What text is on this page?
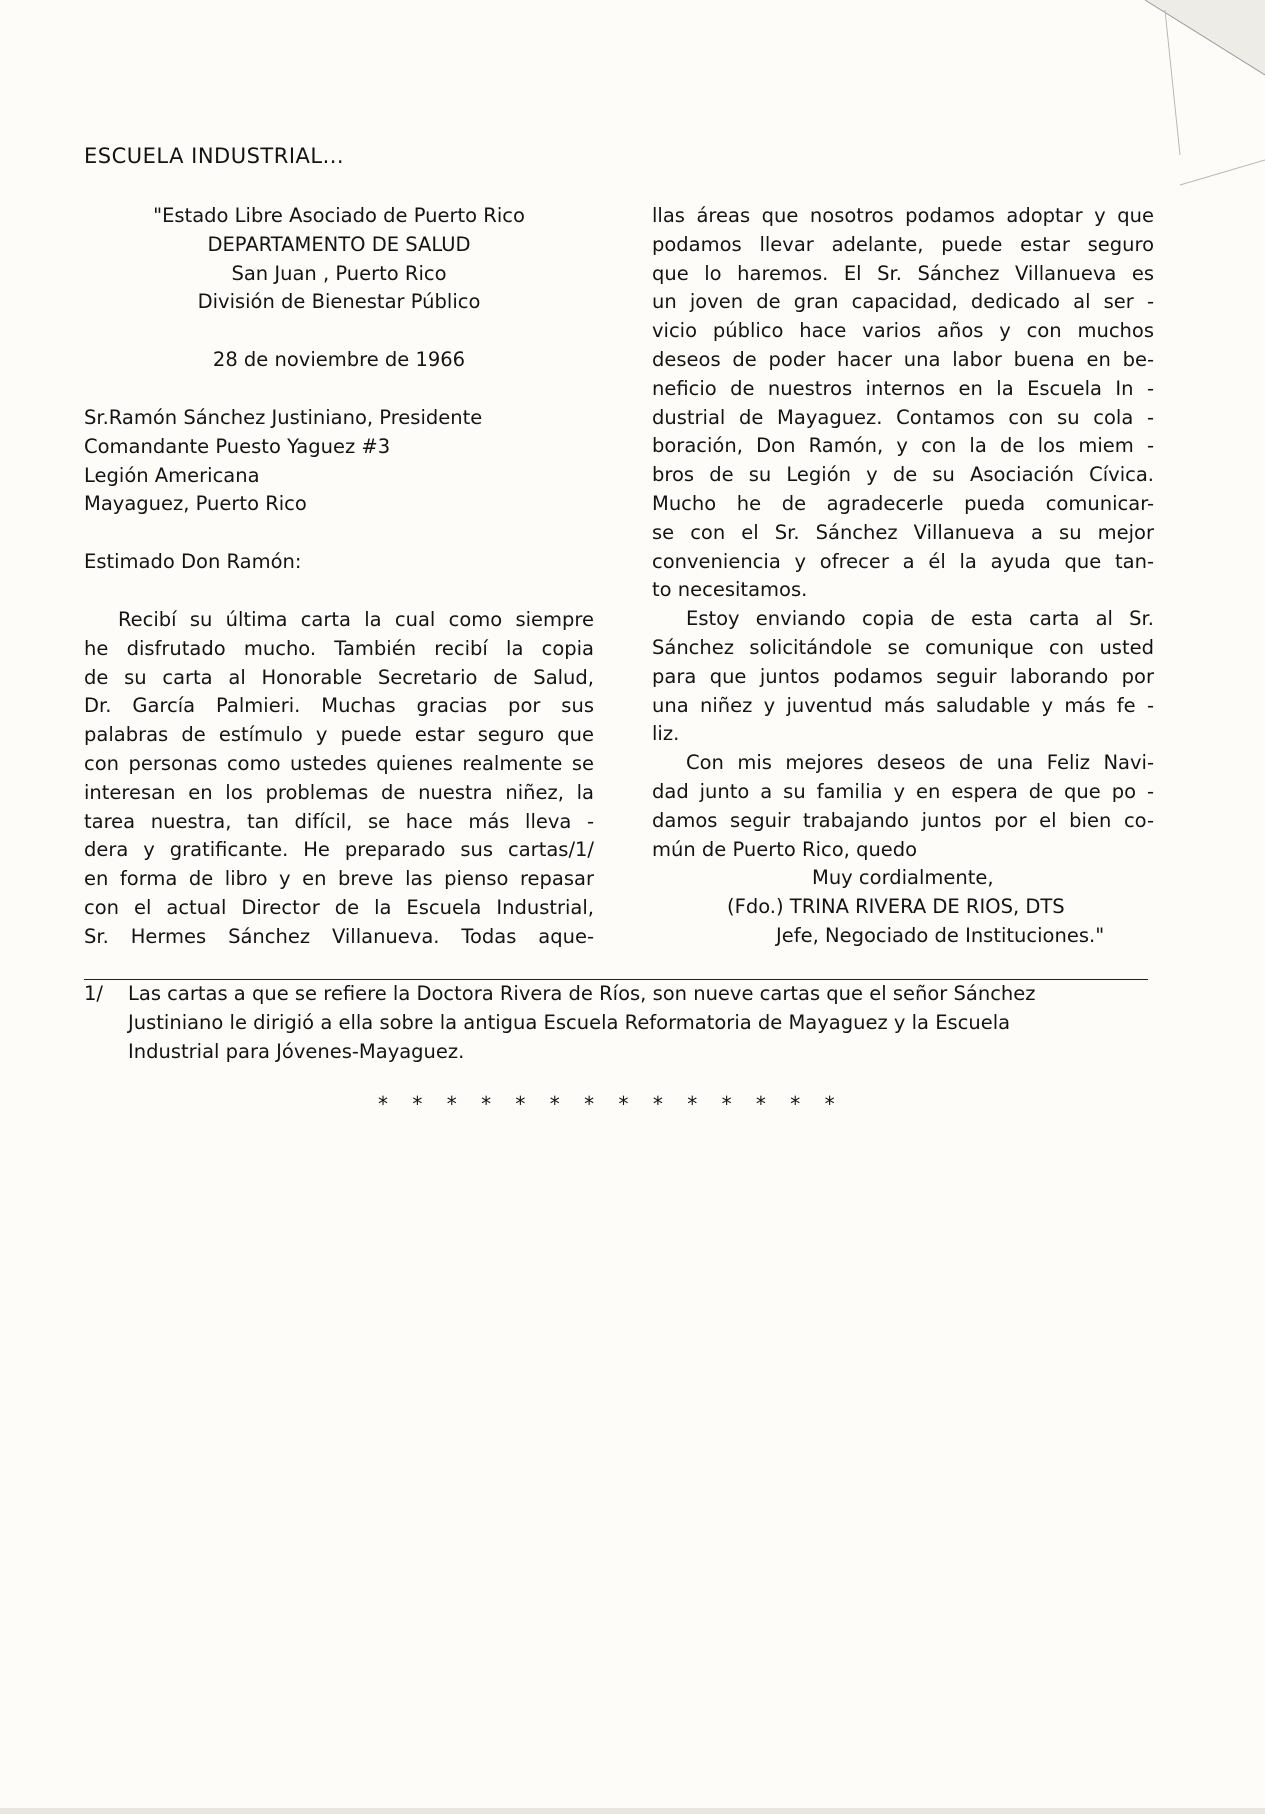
ESCUELA INDUSTRIAL...
"Estado Libre Asociado de Puerto Rico
DEPARTAMENTO DE SALUD
San Juan , Puerto Rico
División de Bienestar Público
28 de noviembre de 1966
Sr.Ramón Sánchez Justiniano, Presidente
Comandante Puesto Yaguez #3
Legión Americana
Mayaguez, Puerto Rico
Estimado Don Ramón:
Recibí su última carta la cual como siempre
he disfrutado mucho. También recibí la copia
de su carta al Honorable Secretario de Salud,
Dr. García Palmieri. Muchas gracias por sus
palabras de estímulo y puede estar seguro que
con personas como ustedes quienes realmente se
interesan en los problemas de nuestra niñez, la
tarea nuestra, tan difícil, se hace más lleva -
dera y gratificante. He preparado sus cartas/1/
en forma de libro y en breve las pienso repasar
con el actual Director de la Escuela Industrial,
Sr. Hermes Sánchez Villanueva. Todas aque-
llas áreas que nosotros podamos adoptar y que
podamos llevar adelante, puede estar seguro
que lo haremos. El Sr. Sánchez Villanueva es
un joven de gran capacidad, dedicado al ser -
vicio público hace varios años y con muchos
deseos de poder hacer una labor buena en be-
neficio de nuestros internos en la Escuela In -
dustrial de Mayaguez. Contamos con su cola -
boración, Don Ramón, y con la de los miem -
bros de su Legión y de su Asociación Cívica.
Mucho he de agradecerle pueda comunicar-
se con el Sr. Sánchez Villanueva a su mejor
conveniencia y ofrecer a él la ayuda que tan-
to necesitamos.
Estoy enviando copia de esta carta al Sr.
Sánchez solicitándole se comunique con usted
para que juntos podamos seguir laborando por
una niñez y juventud más saludable y más fe -
liz.
Con mis mejores deseos de una Feliz Navi-
dad junto a su familia y en espera de que po -
damos seguir trabajando juntos por el bien co-
mún de Puerto Rico, quedo
Muy cordialmente,
(Fdo.) TRINA RIVERA DE RIOS, DTS
Jefe, Negociado de Instituciones."
1/ Las cartas a que se refiere la Doctora Rivera de Ríos, son nueve cartas que el señor Sánchez
Justiniano le dirigió a ella sobre la antigua Escuela Reformatoria de Mayaguez y la Escuela
Industrial para Jóvenes-Mayaguez.
* * * * * * * * * * * * * *
